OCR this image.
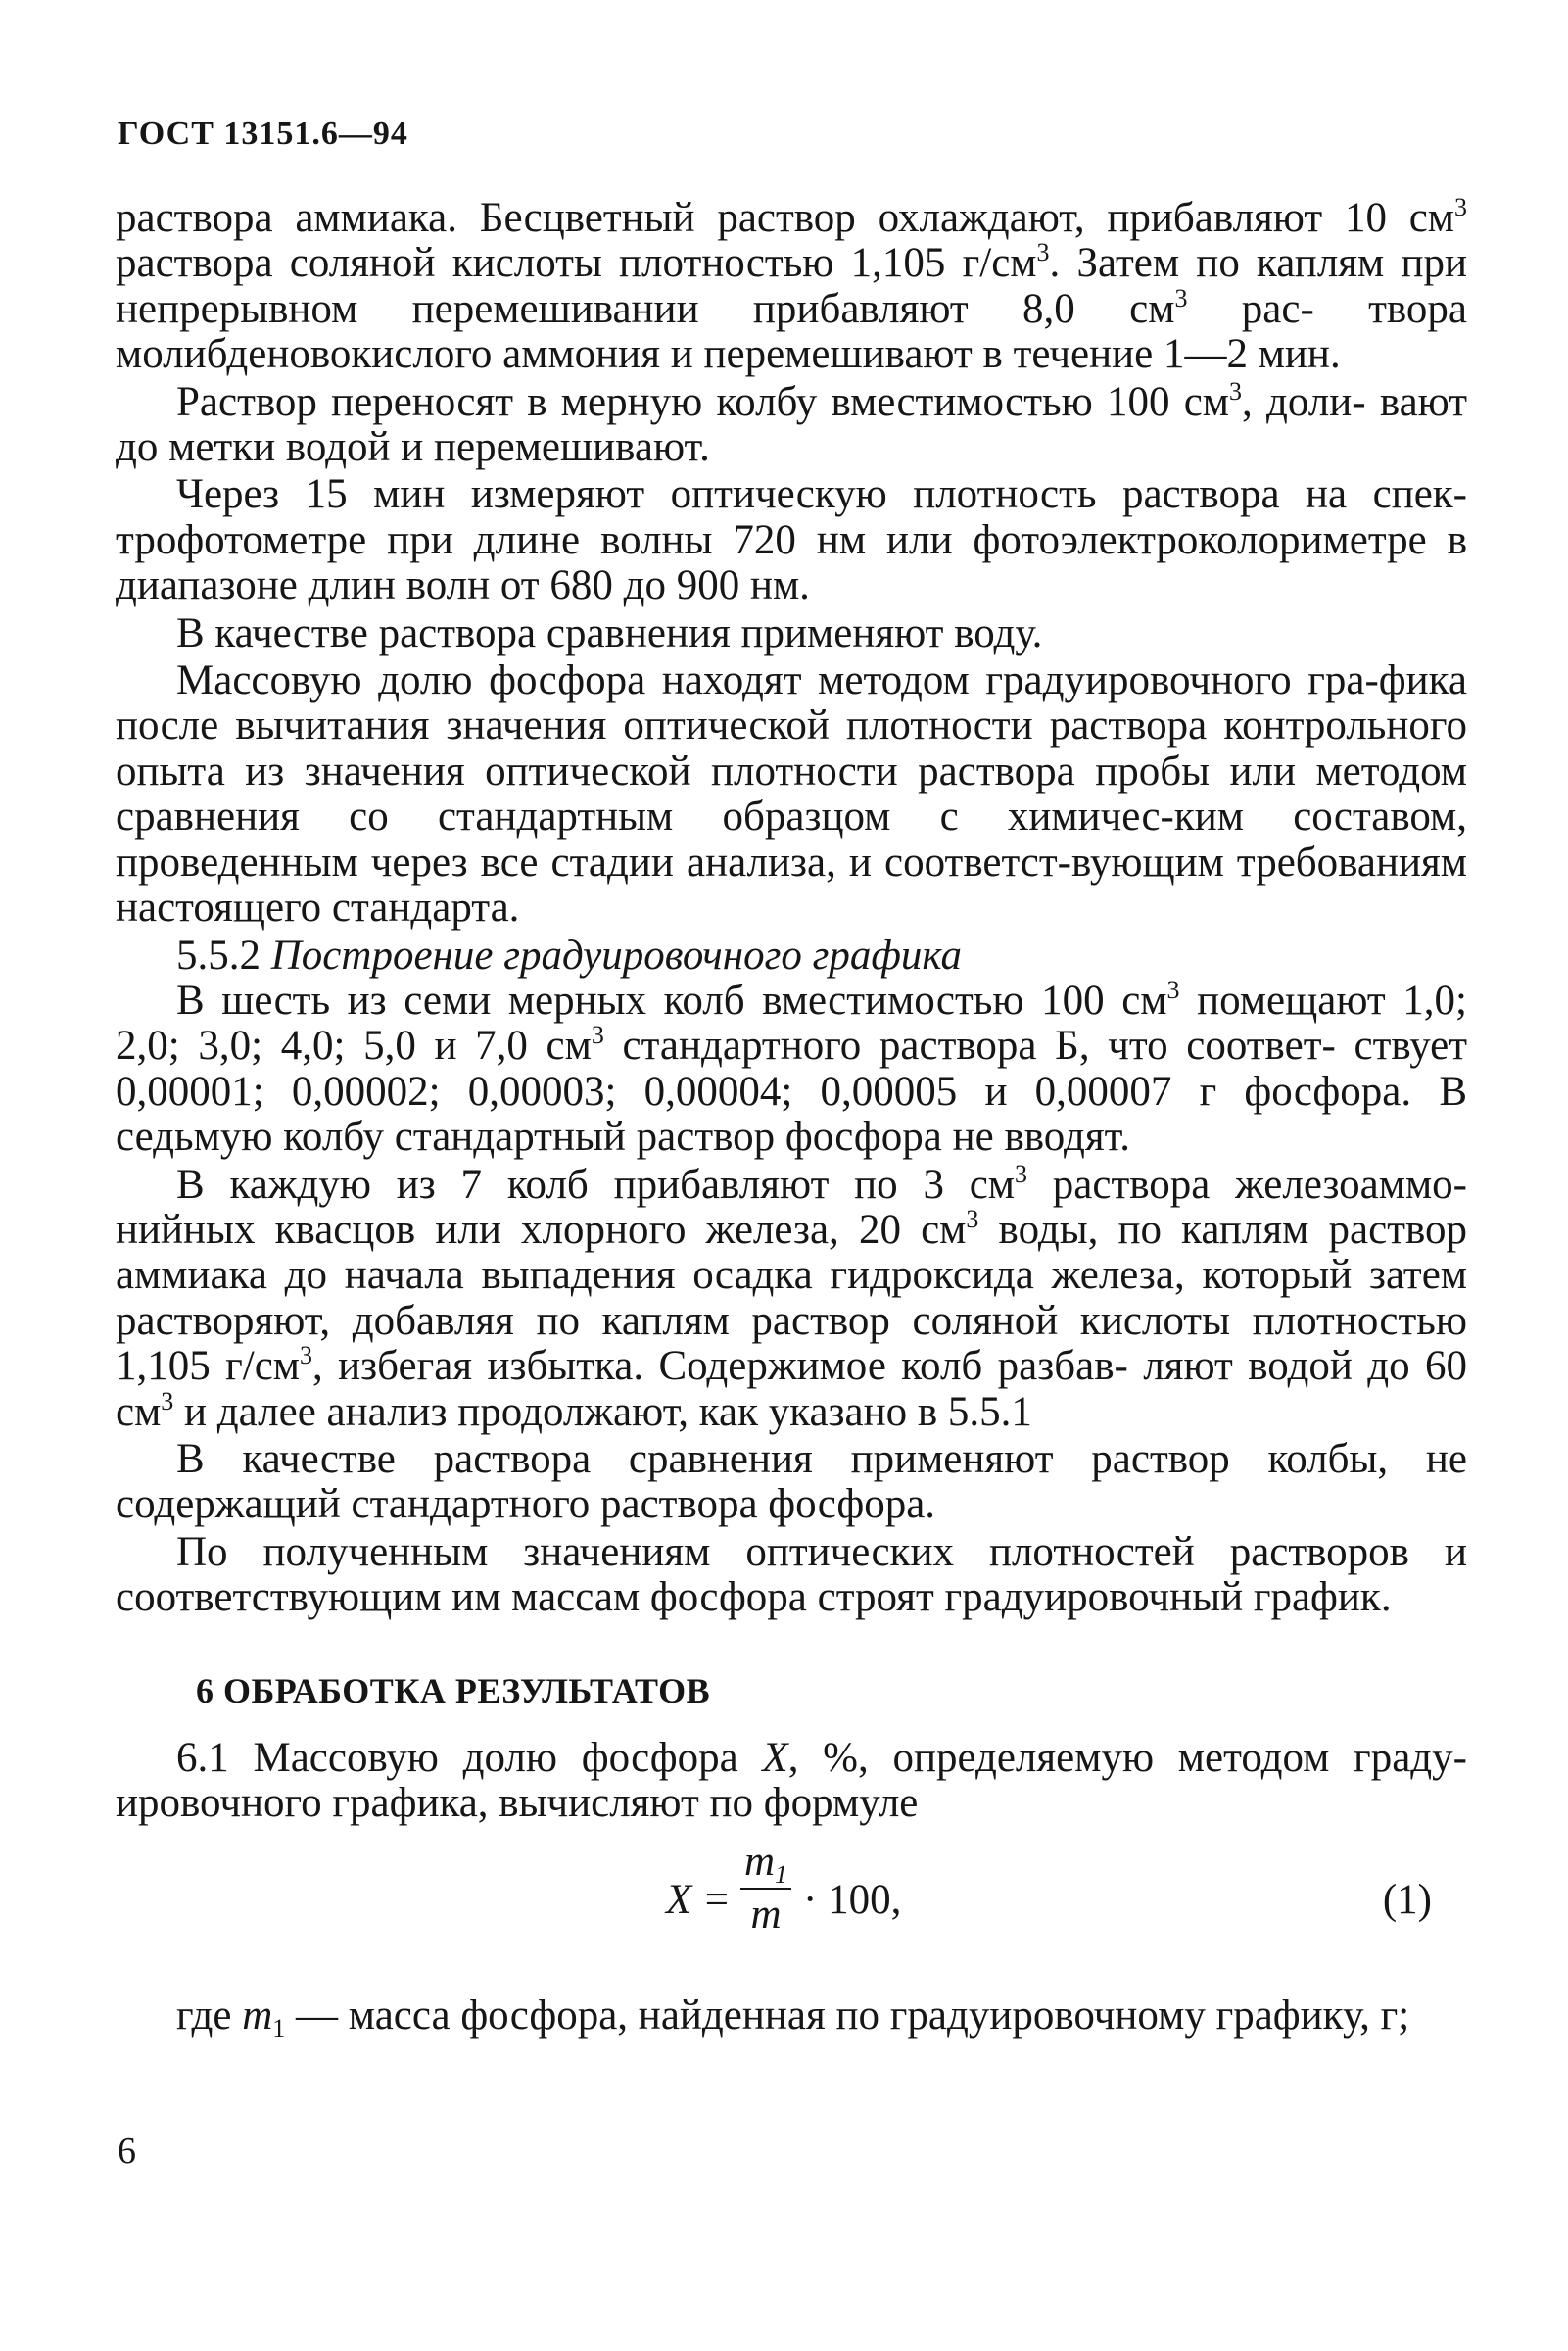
ГОСТ 13151.6—94

раствора аммиака. Бесцветный раствор охлаждают, прибавляют 10 $см^3$ раствора соляной кислоты плотностью 1,105 $г/см^3$. Затем по каплям при непрерывном перемешивании прибавляют 8,0 $см^3$ рас- твора молибденовокислого аммония и перемешивают в течение 1—2 мин.

Раствор переносят в мерную колбу вместимостью 100 $см^3$, доли- вают до метки водой и перемешивают.

Через 15 мин измеряют оптическую плотность раствора на спек-трофотометре при длине волны 720 нм или фотоэлектроколориметре в диапазоне длин волн от 680 до 900 нм.

В качестве раствора сравнения применяют воду.

Массовую долю фосфора находят методом градуировочного гра-фика после вычитания значения оптической плотности раствора контрольного опыта из значения оптической плотности раствора пробы или методом сравнения со стандартным образцом с химичес-ким составом, проведенным через все стадии анализа, и соответст-вующим требованиям настоящего стандарта.

5.5.2 Построение градуировочного графика

В шесть из семи мерных колб вместимостью 100 $см^3$ помещают 1,0; 2,0; 3,0; 4,0; 5,0 и 7,0 $см^3$ стандартного раствора Б, что соответ- ствует 0,00001; 0,00002; 0,00003; 0,00004; 0,00005 и 0,00007 г фосфора. В седьмую колбу стандартный раствор фосфора не вводят.

В каждую из 7 колб прибавляют по 3 $см^3$ раствора железоаммо- нийных квасцов или хлорного железа, 20 $см^3$ воды, по каплям раствор аммиака до начала выпадения осадка гидроксида железа, который затем растворяют, добавляя по каплям раствор соляной кислоты плотностью 1,105 $г/см^3$, избегая избытка. Содержимое колб разбав- ляют водой до 60 $см^3$ и далее анализ продолжают, как указано в 5.5.1

В качестве раствора сравнения применяют раствор колбы, не содержащий стандартного раствора фосфора.

По полученным значениям оптических плотностей растворов и соответствующим им массам фосфора строят градуировочный график.

6 ОБРАБОТКА РЕЗУЛЬТАТОВ

6.1 Массовую долю фосфора X, %, определяемую методом граду-ировочного графика, вычисляют по формуле

X =
$m_1$
m · 100,	(1)

где $m_1$ — масса фосфора, найденная по градуировочному графику, г;

6
